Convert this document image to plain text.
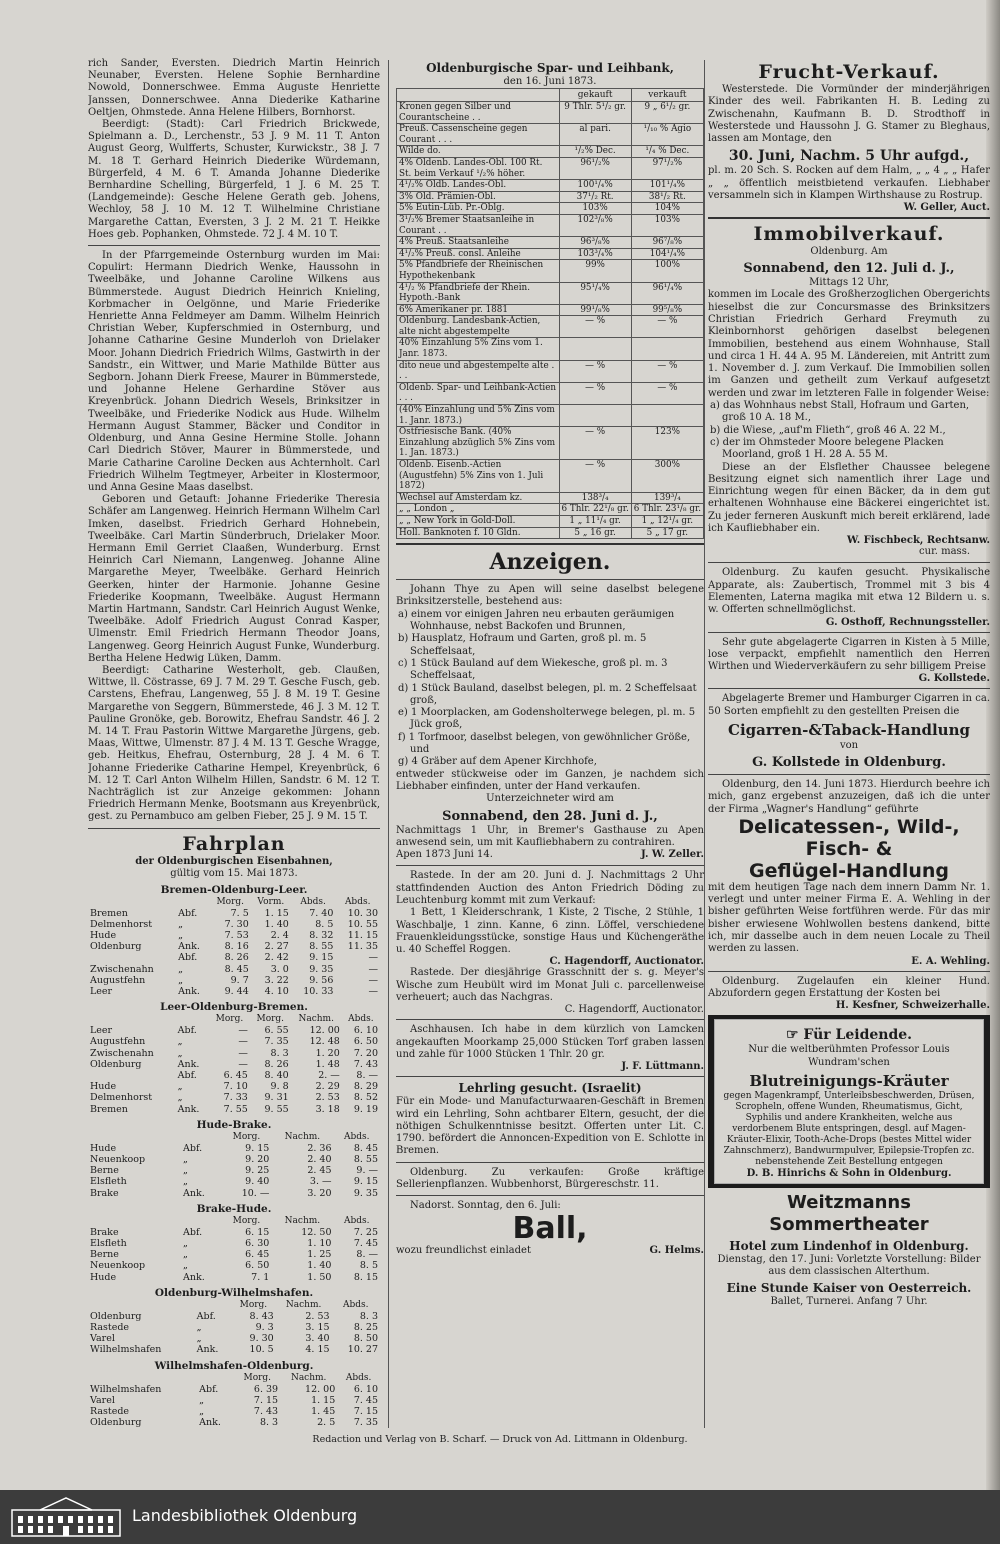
rich Sander, Eversten. Diedrich Martin Heinrich Neunaber, Eversten. Helene Sophie Bernhardine Nowold, Donnerschwee. Emma Auguste Henriette Janssen, Donnerschwee. Anna Diederike Katharine Oeltjen, Ohmstede. Anna Helene Hilbers, Bornhorst.

Beerdigt: (Stadt): Carl Friedrich Brickwede, Spielmann a. D., Lerchenstr., 53 J. 9 M. 11 T. Anton August Georg, Wulfferts, Schuster, Kurwickstr., 38 J. 7 M. 18 T. Gerhard Heinrich Diederike Würdemann, Bürgerfeld, 4 M. 6 T. Amanda Johanne Diederike Bernhardine Schelling, Bürgerfeld, 1 J. 6 M. 25 T. (Landgemeinde): Gesche Helene Gerath geb. Johens, Wechloy, 58 J. 10 M. 12 T. Wilhelmine Christiane Margarethe Cattan, Eversten, 3 J. 2 M. 21 T. Heikke Hoes geb. Pophanken, Ohmstede. 72 J. 4 M. 10 T.

In der Pfarrgemeinde Osternburg wurden im Mai: Copulirt: Hermann Diedrich Wenke, Haussohn in Tweelbäke, und Johanne Caroline Wilkens aus Bümmerstede. August Diedrich Heinrich Knieling, Korbmacher in Oelgönne, und Marie Friederike Henriette Anna Feldmeyer am Damm. Wilhelm Heinrich Christian Weber, Kupferschmied in Osternburg, und Johanne Catharine Gesine Munderloh von Drielaker Moor. Johann Diedrich Friedrich Wilms, Gastwirth in der Sandstr., ein Wittwer, und Marie Mathilde Bütter aus Segborn. Johann Dierk Freese, Maurer in Bümmerstede, und Johanne Helene Gerhardine Stöver aus Kreyenbrück. Johann Diedrich Wesels, Brinksitzer in Tweelbäke, und Friederike Nodick aus Hude. Wilhelm Hermann August Stammer, Bäcker und Conditor in Oldenburg, und Anna Gesine Hermine Stolle. Johann Carl Diedrich Stöver, Maurer in Bümmerstede, und Marie Catharine Caroline Decken aus Achternholt. Carl Friedrich Wilhelm Tegtmeyer, Arbeiter in Klostermoor, und Anna Gesine Maas daselbst.

Geboren und Getauft: Johanne Friederike Theresia Schäfer am Langenweg. Heinrich Hermann Wilhelm Carl Imken, daselbst. Friedrich Gerhard Hohnebein, Tweelbäke. Carl Martin Sünderbruch, Drielaker Moor. Hermann Emil Gerriet Claaßen, Wunderburg. Ernst Heinrich Carl Niemann, Langenweg. Johanne Aline Margarethe Meyer, Tweelbäke. Gerhard Heinrich Geerken, hinter der Harmonie. Johanne Gesine Friederike Koopmann, Tweelbäke. August Hermann Martin Hartmann, Sandstr. Carl Heinrich August Wenke, Tweelbäke. Adolf Friedrich August Conrad Kasper, Ulmenstr. Emil Friedrich Hermann Theodor Joans, Langenweg. Georg Heinrich August Funke, Wunderburg. Bertha Helene Hedwig Lüken, Damm.

Beerdigt: Catharine Westerholt, geb. Claußen, Wittwe, ll. Cöstrasse, 69 J. 7 M. 29 T. Gesche Fusch, geb. Carstens, Ehefrau, Langenweg, 55 J. 8 M. 19 T. Gesine Margarethe von Seggern, Bümmerstede, 46 J. 3 M. 12 T. Pauline Gronöke, geb. Borowitz, Ehefrau Sandstr. 46 J. 2 M. 14 T. Frau Pastorin Wittwe Margarethe Jürgens, geb. Maas, Wittwe, Ulmenstr. 87 J. 4 M. 13 T. Gesche Wragge, geb. Heitkus, Ehefrau, Osternburg, 28 J. 4 M. 6 T. Johanne Friederike Catharine Hempel, Kreyenbrück, 6 M. 12 T. Carl Anton Wilhelm Hillen, Sandstr. 6 M. 12 T. Nachträglich ist zur Anzeige gekommen: Johann Friedrich Hermann Menke, Bootsmann aus Kreyenbrück, gest. zu Pernambuco am gelben Fieber, 25 J. 9 M. 15 T.

Fahrplan
der Oldenburgischen Eisenbahnen,
gültig vom 15. Mai 1873.
Bremen-Oldenburg-Leer.
		Morg.	Vorm.	Abds.	Abds.
Bremen	Abf.	7. 5	1. 15	7. 40	10. 30
Delmenhorst	„	7. 30	1. 40	8. 5	10. 55
Hude	„	7. 53	2. 4	8. 32	11. 15
Oldenburg	Ank.	8. 16	2. 27	8. 55	11. 35
	Abf.	8. 26	2. 42	9. 15	—
Zwischenahn	„	8. 45	3. 0	9. 35	—
Augustfehn	„	9. 7	3. 22	9. 56	—
Leer	Ank.	9. 44	4. 10	10. 33	—
Leer-Oldenburg-Bremen.
		Morg.	Morg.	Nachm.	Abds.
Leer	Abf.	—	6. 55	12. 00	6. 10
Augustfehn	„	—	7. 35	12. 48	6. 50
Zwischenahn	„	—	8. 3	1. 20	7. 20
Oldenburg	Ank.	—	8. 26	1. 48	7. 43
	Abf.	6. 45	8. 40	2. —	8. —
Hude	„	7. 10	9. 8	2. 29	8. 29
Delmenhorst	„	7. 33	9. 31	2. 53	8. 52
Bremen	Ank.	7. 55	9. 55	3. 18	9. 19
Hude-Brake.
		Morg.	Nachm.	Abds.
Hude	Abf.	9. 15	2. 36	8. 45
Neuenkoop	„	9. 20	2. 40	8. 55
Berne	„	9. 25	2. 45	9. —
Elsfleth	„	9. 40	3. —	9. 15
Brake	Ank.	10. —	3. 20	9. 35
Brake-Hude.
		Morg.	Nachm.	Abds.
Brake	Abf.	6. 15	12. 50	7. 25
Elsfleth	„	6. 30	1. 10	7. 45
Berne	„	6. 45	1. 25	8. —
Neuenkoop	„	6. 50	1. 40	8. 5
Hude	Ank.	7. 1	1. 50	8. 15
Oldenburg-Wilhelmshafen.
		Morg.	Nachm.	Abds.
Oldenburg	Abf.	8. 43	2. 53	8. 3
Rastede	„	9. 3	3. 15	8. 25
Varel	„	9. 30	3. 40	8. 50
Wilhelmshafen	Ank.	10. 5	4. 15	10. 27
Wilhelmshafen-Oldenburg.
		Morg.	Nachm.	Abds.
Wilhelmshafen	Abf.	6. 39	12. 00	6. 10
Varel	„	7. 15	1. 15	7. 45
Rastede	„	7. 43	1. 45	7. 15
Oldenburg	Ank.	8. 3	2. 5	7. 35

Oldenburgische Spar- und Leihbank,
den 16. Juni 1873.
	gekauft	verkauft
Kronen gegen Silber und Courantscheine . .	9 Thlr. 5¹/₂ gr.	9 „ 6¹/₂ gr.
Preuß. Cassenscheine gegen Courant . . .	al pari.	¹/₁₀ % Agio
Wilde do.	¹/₂% Dec.	¹/₄ % Dec.
4% Oldenb. Landes-Obl. 100 Rt. St. beim Verkauf ¹/₂% höher.	96¹/₂%	97¹/₂%
4¹/₂% Oldb. Landes-Obl.	100¹/₄%	101¹/₄%
3% Old. Prämien-Obl.	37¹/₂ Rt.	38¹/₂ Rt.
5% Eutin-Lüb. Pr.-Oblg.	103%	104%
3¹/₂% Bremer Staatsanleihe in Courant . .	102³/₈%	103%
4% Preuß. Staatsanleihe	96³/₈%	96⁷/₈%
4¹/₂% Preuß. consl. Anleihe	103³/₄%	104¹/₄%
5% Pfandbriefe der Rheinischen Hypothekenbank	99%	100%
4¹/₂ % Pfandbriefe der Rhein. Hypoth.-Bank	95¹/₄%	96¹/₄%
6% Amerikaner pr. 1881	99¹/₈%	99⁵/₈%
Oldenburg. Landesbank-Actien, alte nicht abgestempelte	— %	— %
40% Einzahlung 5% Zins vom 1. Janr. 1873.		
dito neue und abgestempelte alte . . .	— %	— %
Oldenb. Spar- und Leihbank-Actien . . .	— %	— %
(40% Einzahlung und 5% Zins vom 1. Janr. 1873.)		
Ostfriesische Bank. (40% Einzahlung abzüglich 5% Zins vom 1. Jan. 1873.)	— %	123%
Oldenb. Eisenb.-Actien (Augustfehn) 5% Zins von 1. Juli 1872)	— %	300%
Wechsel auf Amsterdam kz.	138³/₄	139³/₄
„ „ London „	6 Thlr. 22¹/₈ gr.	6 Thlr. 23¹/₈ gr.
„ „ New York in Gold-Doll.	1 „ 11¹/₄ gr.	1 „ 12¹/₄ gr.
Holl. Banknoten f. 10 Gldn.	5 „ 16 gr.	5 „ 17 gr.
Anzeigen.

Johann Thye zu Apen will seine daselbst belegene Brinksitzerstelle, bestehend aus:

a) einem vor einigen Jahren neu erbauten geräumigen Wohnhause, nebst Backofen und Brunnen,
b) Hausplatz, Hofraum und Garten, groß pl. m. 5 Scheffelsaat,
c) 1 Stück Bauland auf dem Wiekesche, groß pl. m. 3 Scheffelsaat,
d) 1 Stück Bauland, daselbst belegen, pl. m. 2 Scheffelsaat groß,
e) 1 Moorplacken, am Godensholterwege belegen, pl. m. 5 Jück groß,
f) 1 Torfmoor, daselbst belegen, von gewöhnlicher Größe, und
g) 4 Gräber auf dem Apener Kirchhofe,

entweder stückweise oder im Ganzen, je nachdem sich Liebhaber einfinden, unter der Hand verkaufen.

Unterzeichneter wird am

Sonnabend, den 28. Juni d. J.,

Nachmittags 1 Uhr, in Bremer's Gasthause zu Apen anwesend sein, um mit Kaufliebhabern zu contrahiren.

Apen 1873 Juni 14.	J. W. Zeller.

Rastede. In der am 20. Juni d. J. Nachmittags 2 Uhr stattfindenden Auction des Anton Friedrich Döding zu Leuchtenburg kommt mit zum Verkauf:

1 Bett, 1 Kleiderschrank, 1 Kiste, 2 Tische, 2 Stühle, 1 Waschbalje, 1 zinn. Kanne, 6 zinn. Löffel, verschiedene Frauenkleidungsstücke, sonstige Haus und Küchengeräthe u. 40 Scheffel Roggen.

C. Hagendorff, Auctionator.

Rastede. Der diesjährige Grasschnitt der s. g. Meyer's Wische zum Heubült wird im Monat Juli c. parcellenweise verheuert; auch das Nachgras.

C. Hagendorff, Auctionator.

Aschhausen. Ich habe in dem kürzlich von Lamcken angekauften Moorkamp 25,000 Stücken Torf graben lassen und zahle für 1000 Stücken 1 Thlr. 20 gr.

J. F. Lüttmann.
Lehrling gesucht. (Israelit)

Für ein Mode- und Manufacturwaaren-Geschäft in Bremen wird ein Lehrling, Sohn achtbarer Eltern, gesucht, der die nöthigen Schulkenntnisse besitzt. Offerten unter Lit. C. 1790. befördert die Annoncen-Expedition von E. Schlotte in Bremen.

Oldenburg. Zu verkaufen: Große kräftige Sellerienpflanzen. Wubbenhorst, Bürgereschstr. 11.

Nadorst. Sonntag, den 6. Juli:

Ball,
wozu freundlichst einladet	G. Helms.
Frucht-Verkauf.

Westerstede. Die Vormünder der minderjährigen Kinder des weil. Fabrikanten H. B. Leding zu Zwischenahn, Kaufmann B. D. Strodthoff in Westerstede und Haussohn J. G. Stamer zu Bleghaus, lassen am Montage, den

30. Juni, Nachm. 5 Uhr aufgd.,

pl. m. 20 Sch. S. Rocken auf dem Halm, „ „ 4 „ „ Hafer „ „ öffentlich meistbietend verkaufen. Liebhaber versammeln sich in Klampen Wirthshause zu Rostrup.

W. Geller, Auct.
Immobilverkauf.
Oldenburg. Am
Sonnabend, den 12. Juli d. J.,
Mittags 12 Uhr,

kommen im Locale des Großherzoglichen Obergerichts hieselbst die zur Concursmasse des Brinksitzers Christian Friedrich Gerhard Freymuth zu Kleinbornhorst gehörigen daselbst belegenen Immobilien, bestehend aus einem Wohnhause, Stall und circa 1 H. 44 A. 95 M. Ländereien, mit Antritt zum 1. November d. J. zum Verkauf. Die Immobilien sollen im Ganzen und getheilt zum Verkauf aufgesetzt werden und zwar im letzteren Falle in folgender Weise:

a) das Wohnhaus nebst Stall, Hofraum und Garten, groß 10 A. 18 M.,
b) die Wiese, „auf'm Flieth“, groß 46 A. 22 M.,
c) der im Ohmsteder Moore belegene Placken Moorland, groß 1 H. 28 A. 55 M.

Diese an der Elsflether Chaussee belegene Besitzung eignet sich namentlich ihrer Lage und Einrichtung wegen für einen Bäcker, da in dem gut erhaltenen Wohnhause eine Bäckerei eingerichtet ist. Zu jeder ferneren Auskunft mich bereit erklärend, lade ich Kaufliebhaber ein.

W. Fischbeck, Rechtsanw.
cur. mass.

Oldenburg. Zu kaufen gesucht. Physikalische Apparate, als: Zaubertisch, Trommel mit 3 bis 4 Elementen, Laterna magika mit etwa 12 Bildern u. s. w. Offerten schnellmöglichst.

G. Osthoff, Rechnungssteller.

Sehr gute abgelagerte Cigarren in Kisten à 5 Mille, lose verpackt, empfiehlt namentlich den Herren Wirthen und Wiederverkäufern zu sehr billigem Preise

G. Kollstede.

Abgelagerte Bremer und Hamburger Cigarren in ca. 50 Sorten empfiehlt zu den gestellten Preisen die

Cigarren-&Taback-Handlung
von
G. Kollstede in Oldenburg.

Oldenburg, den 14. Juni 1873. Hierdurch beehre ich mich, ganz ergebenst anzuzeigen, daß ich die unter der Firma „Wagner's Handlung“ geführte

Delicatessen-, Wild-, Fisch- &
Geflügel-Handlung

mit dem heutigen Tage nach dem innern Damm Nr. 1. verlegt und unter meiner Firma E. A. Wehling in der bisher geführten Weise fortführen werde. Für das mir bisher erwiesene Wohlwollen bestens dankend, bitte ich, mir dasselbe auch in dem neuen Locale zu Theil werden zu lassen.

E. A. Wehling.

Oldenburg. Zugelaufen ein kleiner Hund. Abzufordern gegen Erstattung der Kosten bei

H. Kesfner, Schweizerhalle.
☞ Für Leidende.

Nur die weltberühmten Professor Louis Wundram'schen

Blutreinigungs-Kräuter

gegen Magenkrampf, Unterleibsbeschwerden, Drüsen, Scropheln, offene Wunden, Rheumatismus, Gicht, Syphilis und andere Krankheiten, welche aus verdorbenem Blute entspringen, desgl. auf Magen-Kräuter-Elixir, Tooth-Ache-Drops (bestes Mittel wider Zahnschmerz), Bandwurmpulver, Epilepsie-Tropfen zc. nebenstehende Zeit Bestellung entgegen

D. B. Hinrichs & Sohn in Oldenburg.
Weitzmanns Sommertheater
Hotel zum Lindenhof in Oldenburg.

Dienstag, den 17. Juni: Vorletzte Vorstellung: Bilder aus dem classischen Alterthum.

Eine Stunde Kaiser von Oesterreich.

Ballet, Turnerei. Anfang 7 Uhr.

Redaction und Verlag von B. Scharf. — Druck von Ad. Littmann in Oldenburg.
Landesbibliothek Oldenburg
